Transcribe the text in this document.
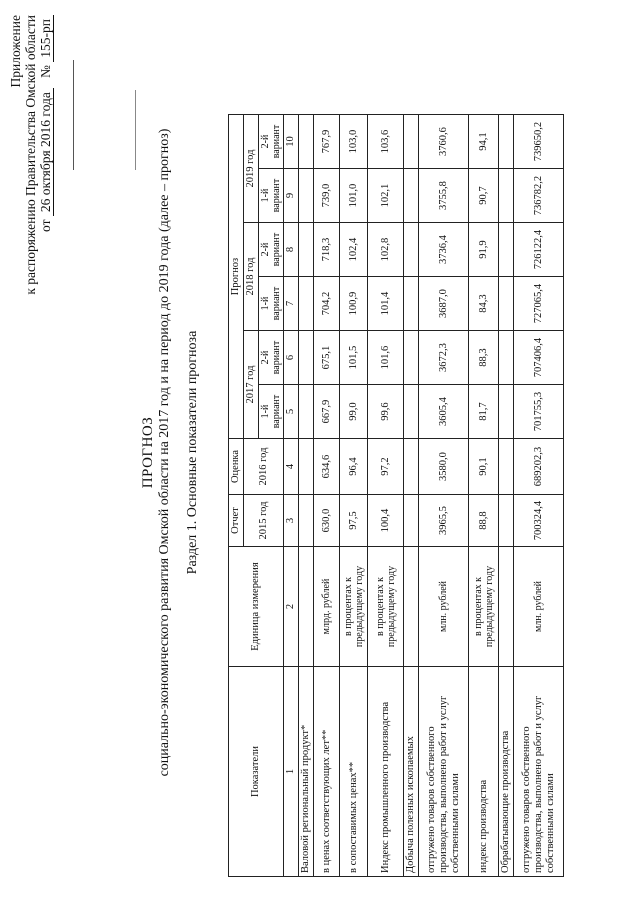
Приложение к распоряжению Правительства Омской области от 26 октября 2016 года   № 155-рп
ПРОГНОЗ социально-экономического развития Омской области на 2017 год и на период до 2019 года (далее – прогноз) Раздел 1. Основные показатели прогноза
Показатели	Единица измерения	Отчет	Оценка	Прогноз					
		2015 год	2016 год	2017 год		2018 год		2019 год	
				1-й вариант	2-й вариант	1-й вариант	2-й вариант	1-й вариант	2-й вариант
1	2	3	4	5	6	7	8	9	10
Валовой региональный продукт*									
в ценах соответствующих лет**	млрд. рублей	630,0	634,6	667,9	675,1	704,2	718,3	739,0	767,9
в сопоставимых ценах**	в процентах к предыдущему году	97,5	96,4	99,0	101,5	100,9	102,4	101,0	103,0
Индекс промышленного производства	в процентах к предыдущему году	100,4	97,2	99,6	101,6	101,4	102,8	102,1	103,6
Добыча полезных ископаемых									
отгружено товаров собственного производства, выполнено работ и услуг собственными силами	млн. рублей	3965,5	3580,0	3605,4	3672,3	3687,0	3736,4	3755,8	3760,6
индекс производства	в процентах к предыдущему году	88,8	90,1	81,7	88,3	84,3	91,9	90,7	94,1
Обрабатывающие производства									
отгружено товаров собственного производства, выполнено работ и услуг собственными силами	млн. рублей	700324,4	689202,3	701755,3	707406,4	727065,4	726122,4	736782,2	739650,2
